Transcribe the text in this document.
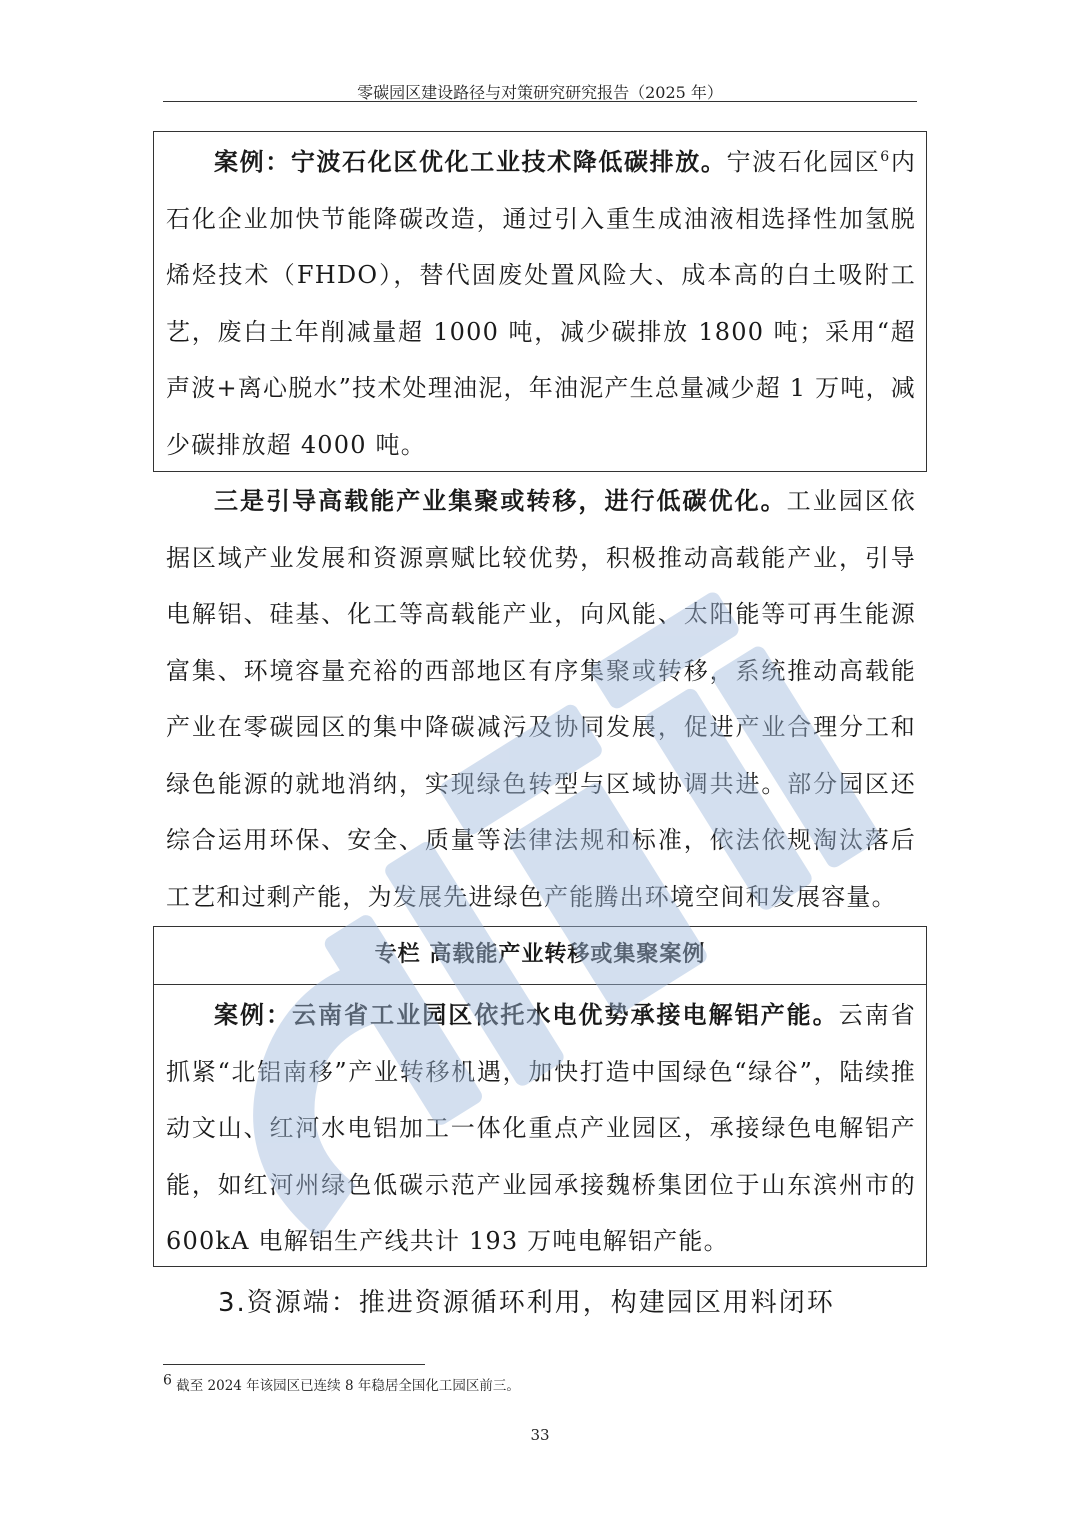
零碳园区建设路径与对策研究研究报告（2025 年）

案例：宁波石化区优化工业技术降低碳排放。宁波石化园区$^6$内石化企业加快节能降碳改造，通过引入重生成油液相选择性加氢脱烯烃技术（FHDO），替代固废处置风险大、成本高的白土吸附工艺，废白土年削减量超 1000 吨，减少碳排放 1800 吨；采用“超声波+离心脱水”技术处理油泥，年油泥产生总量减少超 1 万吨，减少碳排放超 4000 吨。

三是引导高载能产业集聚或转移，进行低碳优化。工业园区依据区域产业发展和资源禀赋比较优势，积极推动高载能产业，引导电解铝、硅基、化工等高载能产业，向风能、太阳能等可再生能源富集、环境容量充裕的西部地区有序集聚或转移，系统推动高载能产业在零碳园区的集中降碳减污及协同发展，促进产业合理分工和绿色能源的就地消纳，实现绿色转型与区域协调共进。部分园区还综合运用环保、安全、质量等法律法规和标准，依法依规淘汰落后工艺和过剩产能，为发展先进绿色产能腾出环境空间和发展容量。

专栏 高载能产业转移或集聚案例

案例：云南省工业园区依托水电优势承接电解铝产能。云南省抓紧“北铝南移”产业转移机遇，加快打造中国绿色“绿谷”，陆续推动文山、红河水电铝加工一体化重点产业园区，承接绿色电解铝产能，如红河州绿色低碳示范产业园承接魏桥集团位于山东滨州市的 600kA 电解铝生产线共计 193 万吨电解铝产能。

3.资源端：推进资源循环利用，构建园区用料闭环
$^6$ 截至 2024 年该园区已连续 8 年稳居全国化工园区前三。
33
